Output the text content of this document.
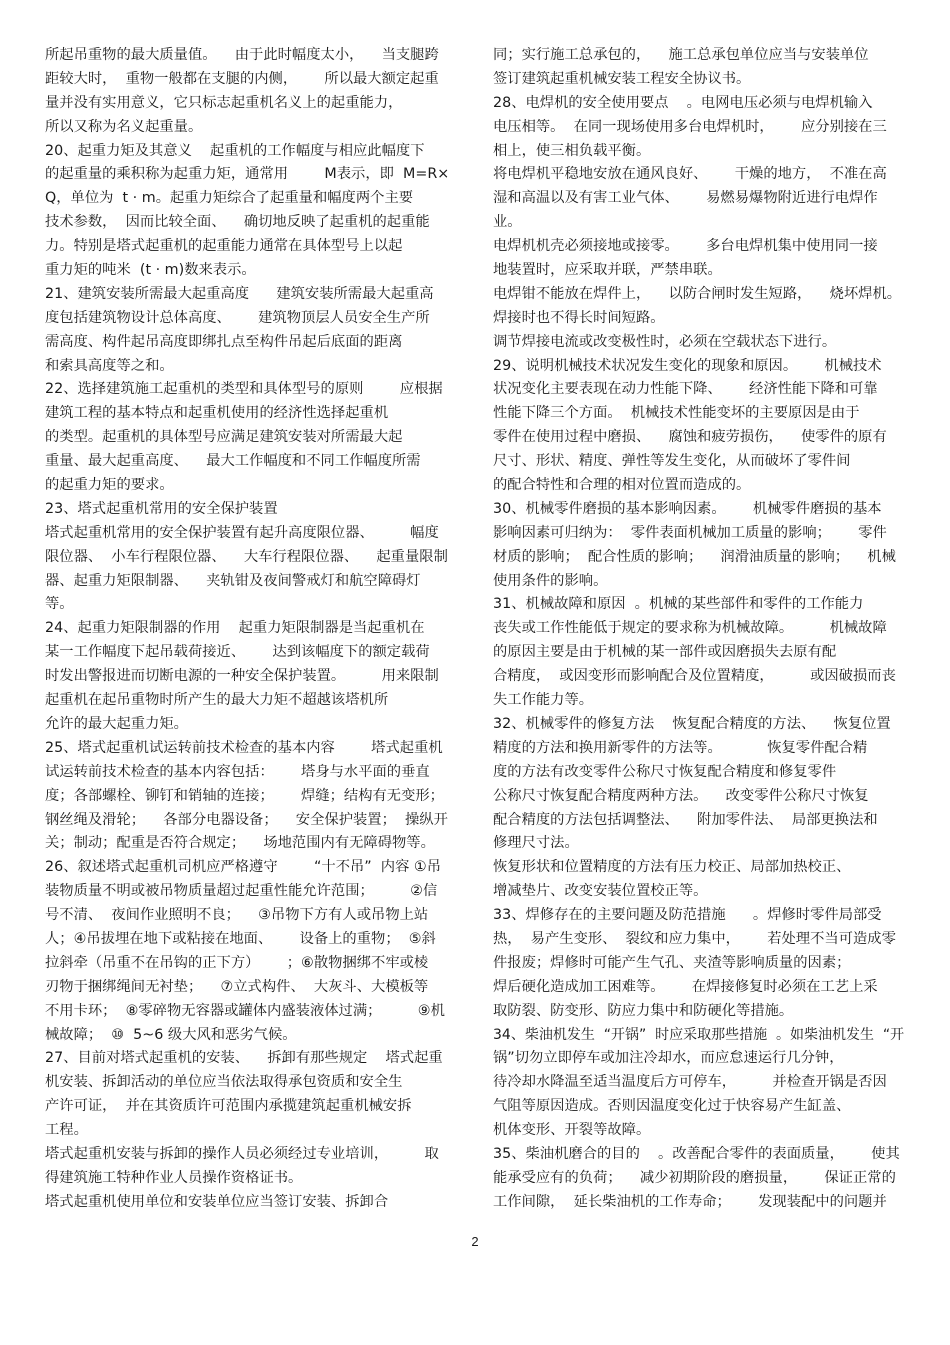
所起吊重物的最大质量值。    由于此时幅度太小，    当支腿跨
距较大时，  重物一般都在支腿的内侧，      所以最大额定起重
量并没有实用意义，它只标志起重机名义上的起重能力，
所以又称为名义起重量。
20、起重力矩及其意义    起重机的工作幅度与相应此幅度下
的起重量的乘积称为起重力矩，通常用        M表示，即  M=R×
Q，单位为  t · m。起重力矩综合了起重量和幅度两个主要
技术参数，  因而比较全面、    确切地反映了起重机的起重能
力。特别是塔式起重机的起重能力通常在具体型号上以起
重力矩的吨米  (t · m)数来表示。
21、建筑安装所需最大起重高度      建筑安装所需最大起重高
度包括建筑物设计总体高度、      建筑物顶层人员安全生产所
需高度、构件起吊高度即绑扎点至构件吊起后底面的距离
和索具高度等之和。
22、选择建筑施工起重机的类型和具体型号的原则        应根据
建筑工程的基本特点和起重机使用的经济性选择起重机
的类型。起重机的具体型号应满足建筑安装对所需最大起
重量、最大起重高度、    最大工作幅度和不同工作幅度所需
的起重力矩的要求。
23、塔式起重机常用的安全保护装置
塔式起重机常用的安全保护装置有起升高度限位器、        幅度
限位器、  小车行程限位器、    大车行程限位器、    起重量限制
器、起重力矩限制器、    夹轨钳及夜间警戒灯和航空障碍灯
等。
24、起重力矩限制器的作用    起重力矩限制器是当起重机在
某一工作幅度下起吊载荷接近、      达到该幅度下的额定载荷
时发出警报进而切断电源的一种安全保护装置。        用来限制
起重机在起吊重物时所产生的最大力矩不超越该塔机所
允许的最大起重力矩。
25、塔式起重机试运转前技术检查的基本内容        塔式起重机
试运转前技术检查的基本内容包括：      塔身与水平面的垂直
度；各部螺栓、铆钉和销轴的连接；      焊缝；结构有无变形；
钢丝绳及滑轮；    各部分电器设备；    安全保护装置；  操纵开
关；制动；配重是否符合规定；    场地范围内有无障碍物等。
26、叙述塔式起重机司机应严格遵守        “十不吊”  内容 ①吊
装物质量不明或被吊物质量超过起重性能允许范围；        ②信
号不清、  夜间作业照明不良；    ③吊物下方有人或吊物上站
人；④吊拔埋在地下或粘接在地面、      设备上的重物；  ⑤斜
拉斜牵（吊重不在吊钩的正下方）      ；⑥散物捆绑不牢或棱
刃物于捆绑绳间无衬垫；    ⑦立式构件、  大灰斗、大模板等
不用卡环；  ⑧零碎物无容器或罐体内盛装液体过满；        ⑨机
械故障；  ⑩  5~6 级大风和恶劣气候。
27、目前对塔式起重机的安装、    拆卸有那些规定    塔式起重
机安装、拆卸活动的单位应当依法取得承包资质和安全生
产许可证，  并在其资质许可范围内承揽建筑起重机械安拆
工程。
塔式起重机安装与拆卸的操作人员必须经过专业培训，        取
得建筑施工特种作业人员操作资格证书。
塔式起重机使用单位和安装单位应当签订安装、拆卸合
同；实行施工总承包的，    施工总承包单位应当与安装单位
签订建筑起重机械安装工程安全协议书。
28、电焊机的安全使用要点    。电网电压必须与电焊机输入
电压相等。  在同一现场使用多台电焊机时，      应分别接在三
相上，使三相负载平衡。
将电焊机平稳地安放在通风良好、      干燥的地方，  不准在高
湿和高温以及有害工业气体、      易燃易爆物附近进行电焊作
业。
电焊机机壳必须接地或接零。      多台电焊机集中使用同一接
地装置时，应采取并联，严禁串联。
电焊钳不能放在焊件上，    以防合闸时发生短路，    烧坏焊机。
焊接时也不得长时间短路。
调节焊接电流或改变极性时，必须在空载状态下进行。
29、说明机械技术状况发生变化的现象和原因。      机械技术
状况变化主要表现在动力性能下降、      经济性能下降和可靠
性能下降三个方面。  机械技术性能变坏的主要原因是由于
零件在使用过程中磨损、    腐蚀和疲劳损伤，    使零件的原有
尺寸、形状、精度、弹性等发生变化，从而破坏了零件间
的配合特性和合理的相对位置而造成的。
30、机械零件磨损的基本影响因素。      机械零件磨损的基本
影响因素可归纳为：  零件表面机械加工质量的影响；      零件
材质的影响；  配合性质的影响；    润滑油质量的影响；    机械
使用条件的影响。
31、机械故障和原因  。机械的某些部件和零件的工作能力
丧失或工作性能低于规定的要求称为机械故障。        机械故障
的原因主要是由于机械的某一部件或因磨损失去原有配
合精度，  或因变形而影响配合及位置精度，        或因破损而丧
失工作能力等。
32、机械零件的修复方法    恢复配合精度的方法、    恢复位置
精度的方法和换用新零件的方法等。          恢复零件配合精
度的方法有改变零件公称尺寸恢复配合精度和修复零件
公称尺寸恢复配合精度两种方法。    改变零件公称尺寸恢复
配合精度的方法包括调整法、    附加零件法、  局部更换法和
修理尺寸法。
恢复形状和位置精度的方法有压力校正、局部加热校正、
增减垫片、改变安装位置校正等。
33、焊修存在的主要问题及防范措施      。焊修时零件局部受
热，  易产生变形、  裂纹和应力集中，      若处理不当可造成零
件报废；焊修时可能产生气孔、夹渣等影响质量的因素；
焊后硬化造成加工困难等。      在焊接修复时必须在工艺上采
取防裂、防变形、防应力集中和防硬化等措施。
34、柴油机发生  “开锅”  时应采取那些措施  。如柴油机发生  “开
锅”切勿立即停车或加注冷却水，而应怠速运行几分钟，
待冷却水降温至适当温度后方可停车，        并检查开锅是否因
气阻等原因造成。否则因温度变化过于快容易产生缸盖、
机体变形、开裂等故障。
35、柴油机磨合的目的    。改善配合零件的表面质量，      使其
能承受应有的负荷；    减少初期阶段的磨损量，      保证正常的
工作间隙，  延长柴油机的工作寿命；      发现装配中的问题并
2
